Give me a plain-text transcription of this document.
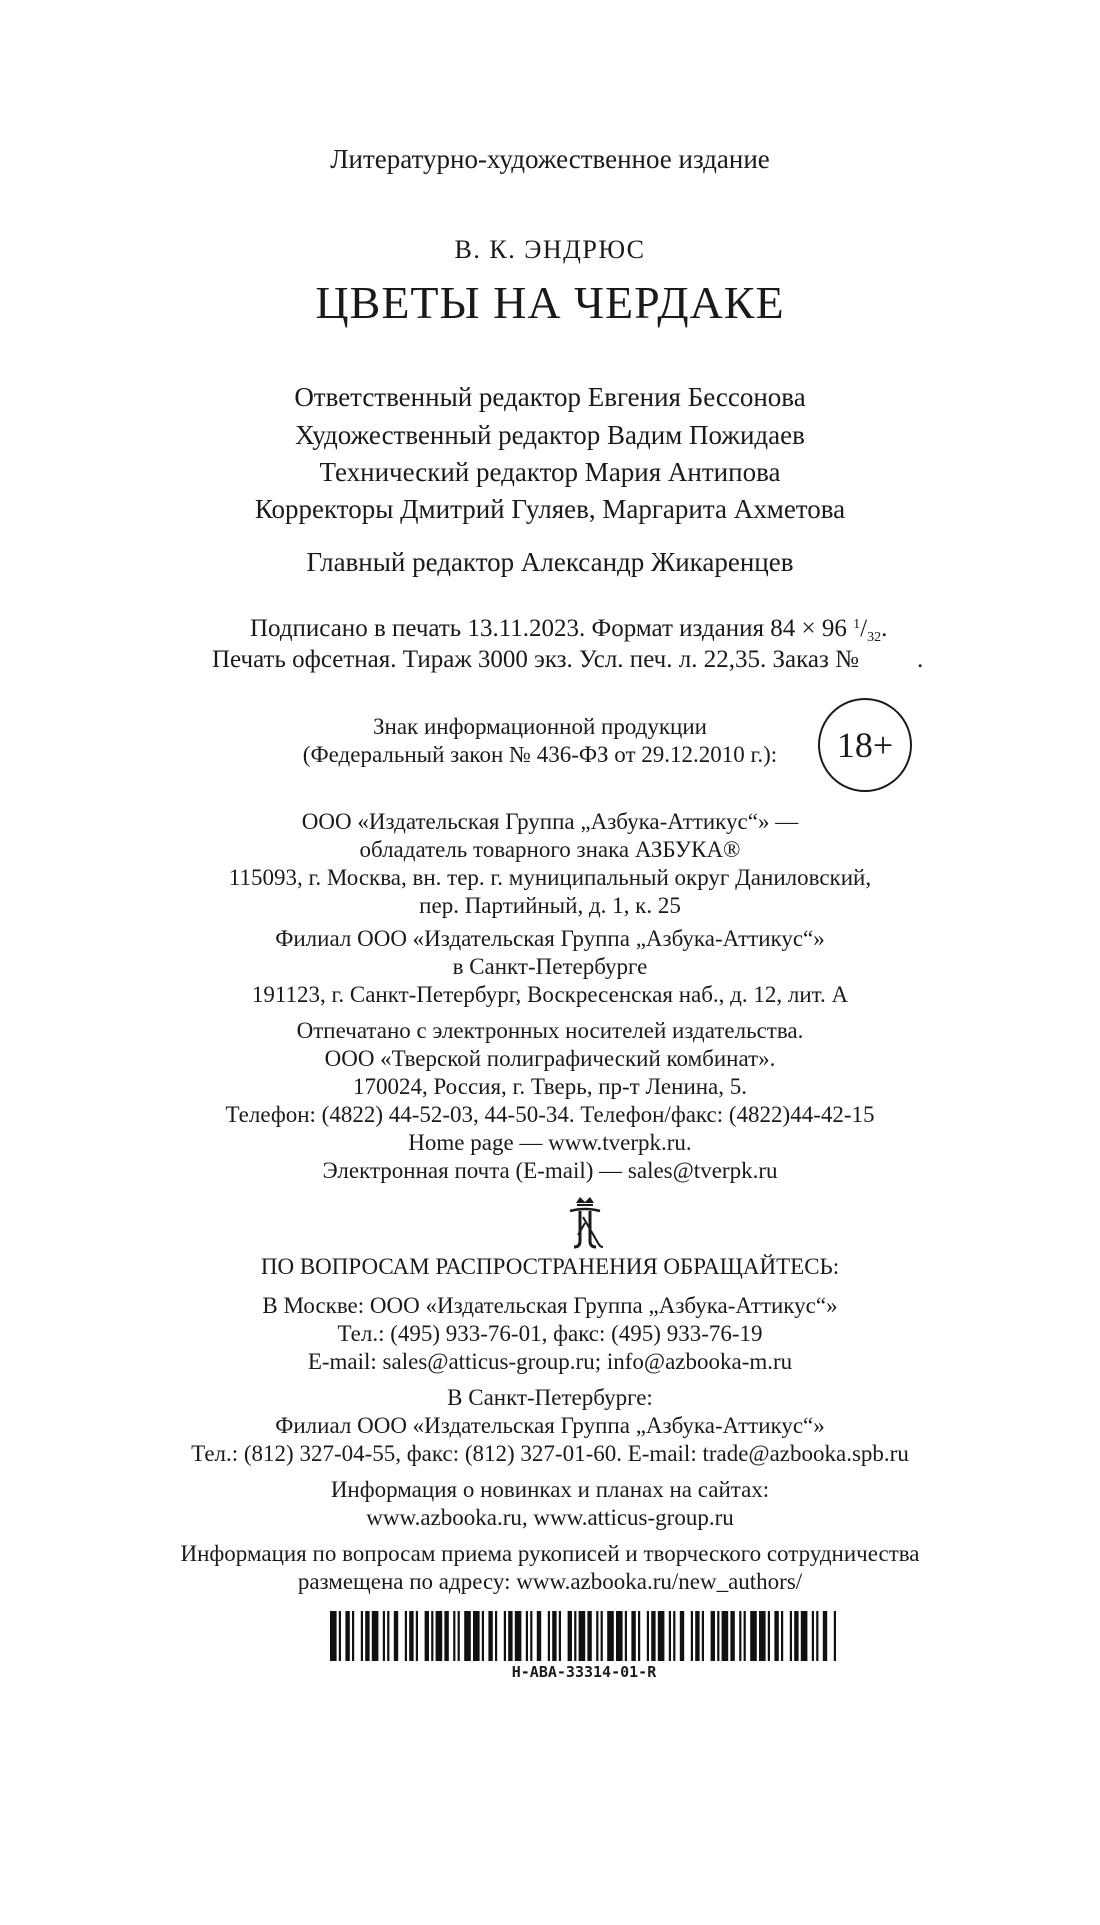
Литературно-художественное издание
В. К. ЭНДРЮС
ЦВЕТЫ НА ЧЕРДАКЕ
Ответственный редактор Евгения Бессонова
Художественный редактор Вадим Пожидаев
Технический редактор Мария Антипова
Корректоры Дмитрий Гуляев, Маргарита Ахметова
Главный редактор Александр Жикаренцев
Подписано в печать 13.11.2023. Формат издания 84 × 96 $^1/_{32}$.
Печать офсетная. Тираж 3000 экз. Усл. печ. л. 22,35. Заказ № .
Знак информационной продукции
(Федеральный закон № 436-ФЗ от 29.12.2010 г.):	18+
ООО «Издательская Группа „Азбука-Аттикус“» —
обладатель товарного знака АЗБУКА®
115093, г. Москва, вн. тер. г. муниципальный округ Даниловский,
пер. Партийный, д. 1, к. 25
Филиал ООО «Издательская Группа „Азбука-Аттикус“»
в Санкт-Петербурге
191123, г. Санкт-Петербург, Воскресенская наб., д. 12, лит. А
Отпечатано с электронных носителей издательства.
ООО «Тверской полиграфический комбинат».
170024, Россия, г. Тверь, пр-т Ленина, 5.
Телефон: (4822) 44-52-03, 44-50-34. Телефон/факс: (4822)44-42-15
Home page — www.tverpk.ru.
Электронная почта (E-mail) — sales@tverpk.ru
ПО ВОПРОСАМ РАСПРОСТРАНЕНИЯ ОБРАЩАЙТЕСЬ:
В Москве: ООО «Издательская Группа „Азбука-Аттикус“»
Тел.: (495) 933-76-01, факс: (495) 933-76-19
E-mail: sales@atticus-group.ru; info@azbooka-m.ru
В Санкт-Петербурге:
Филиал ООО «Издательская Группа „Азбука-Аттикус“»
Тел.: (812) 327-04-55, факс: (812) 327-01-60. E-mail: trade@azbooka.spb.ru
Информация о новинках и планах на сайтах:
www.azbooka.ru, www.atticus-group.ru
Информация по вопросам приема рукописей и творческого сотрудничества
размещена по адресу: www.azbooka.ru/new_authors/
H-ABA-33314-01-R
